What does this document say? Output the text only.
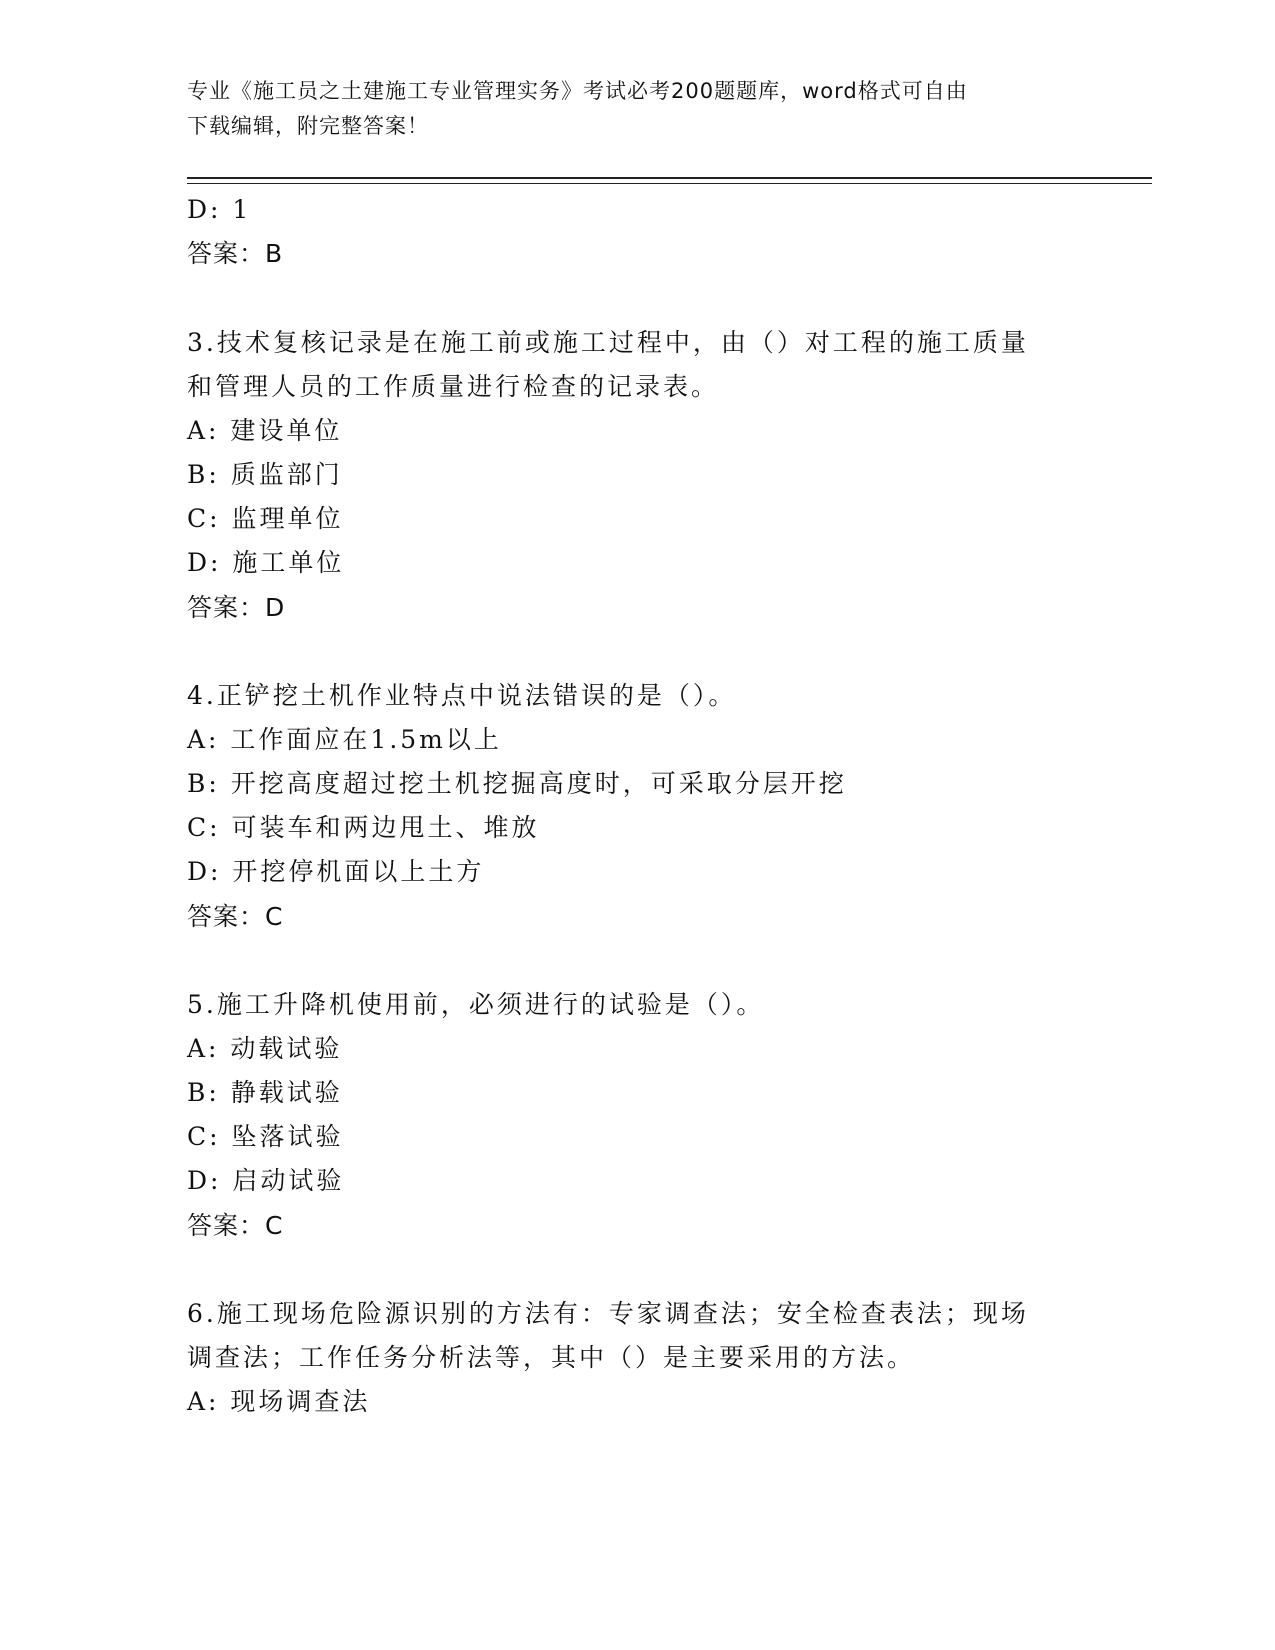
专业《施工员之土建施工专业管理实务》考试必考200题题库，word格式可自由
下载编辑，附完整答案！
D: 1
答案：B
3.技术复核记录是在施工前或施工过程中，由（）对工程的施工质量
和管理人员的工作质量进行检查的记录表。
A: 建设单位
B: 质监部门
C: 监理单位
D: 施工单位
答案：D
4.正铲挖土机作业特点中说法错误的是（）。
A: 工作面应在1.5m以上
B: 开挖高度超过挖土机挖掘高度时，可采取分层开挖
C: 可装车和两边甩土、堆放
D: 开挖停机面以上土方
答案：C
5.施工升降机使用前，必须进行的试验是（）。
A: 动载试验
B: 静载试验
C: 坠落试验
D: 启动试验
答案：C
6.施工现场危险源识别的方法有：专家调查法；安全检查表法；现场
调查法；工作任务分析法等，其中（）是主要采用的方法。
A: 现场调查法
